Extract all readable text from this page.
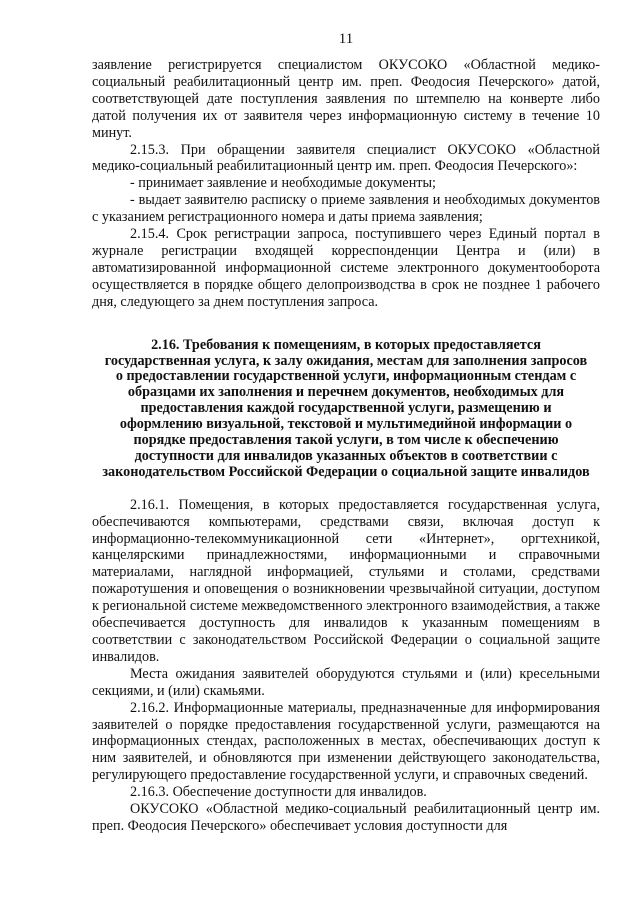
11

заявление регистрируется специалистом ОКУСОКО «Областной медико-социальный реабилитационный центр им. преп. Феодосия Печерского» датой, соответствующей дате поступления заявления по штемпелю на конверте либо датой получения их от заявителя через информационную систему в течение 10 минут.

2.15.3. При обращении заявителя специалист ОКУСОКО «Областной медико-социальный реабилитационный центр им. преп. Феодосия Печерского»:

- принимает заявление и необходимые документы;

- выдает заявителю расписку о приеме заявления и необходимых документов с указанием регистрационного номера и даты приема заявления;

2.15.4. Срок регистрации запроса, поступившего через Единый портал в журнале регистрации входящей корреспонденции Центра и (или) в автоматизированной информационной системе электронного документооборота осуществляется в порядке общего делопроизводства в срок не позднее 1 рабочего дня, следующего за днем поступления запроса.

2.16. Требования к помещениям, в которых предоставляется государственная услуга, к залу ожидания, местам для заполнения запросов о предоставлении государственной услуги, информационным стендам с образцами их заполнения и перечнем документов, необходимых для предоставления каждой государственной услуги, размещению и оформлению визуальной, текстовой и мультимедийной информации о порядке предоставления такой услуги, в том числе к обеспечению доступности для инвалидов указанных объектов в соответствии с законодательством Российской Федерации о социальной защите инвалидов

2.16.1. Помещения, в которых предоставляется государственная услуга, обеспечиваются компьютерами, средствами связи, включая доступ к информационно-телекоммуникационной сети «Интернет», оргтехникой, канцелярскими принадлежностями, информационными и справочными материалами, наглядной информацией, стульями и столами, средствами пожаротушения и оповещения о возникновении чрезвычайной ситуации, доступом к региональной системе межведомственного электронного взаимодействия, а также обеспечивается доступность для инвалидов к указанным помещениям в соответствии с законодательством Российской Федерации о социальной защите инвалидов.

Места ожидания заявителей оборудуются стульями и (или) кресельными секциями, и (или) скамьями.

2.16.2. Информационные материалы, предназначенные для информирования заявителей о порядке предоставления государственной услуги, размещаются на информационных стендах, расположенных в местах, обеспечивающих доступ к ним заявителей, и обновляются при изменении действующего законодательства, регулирующего предоставление государственной услуги, и справочных сведений.

2.16.3. Обеспечение доступности для инвалидов.

ОКУСОКО «Областной медико-социальный реабилитационный центр им. преп. Феодосия Печерского» обеспечивает условия доступности для
